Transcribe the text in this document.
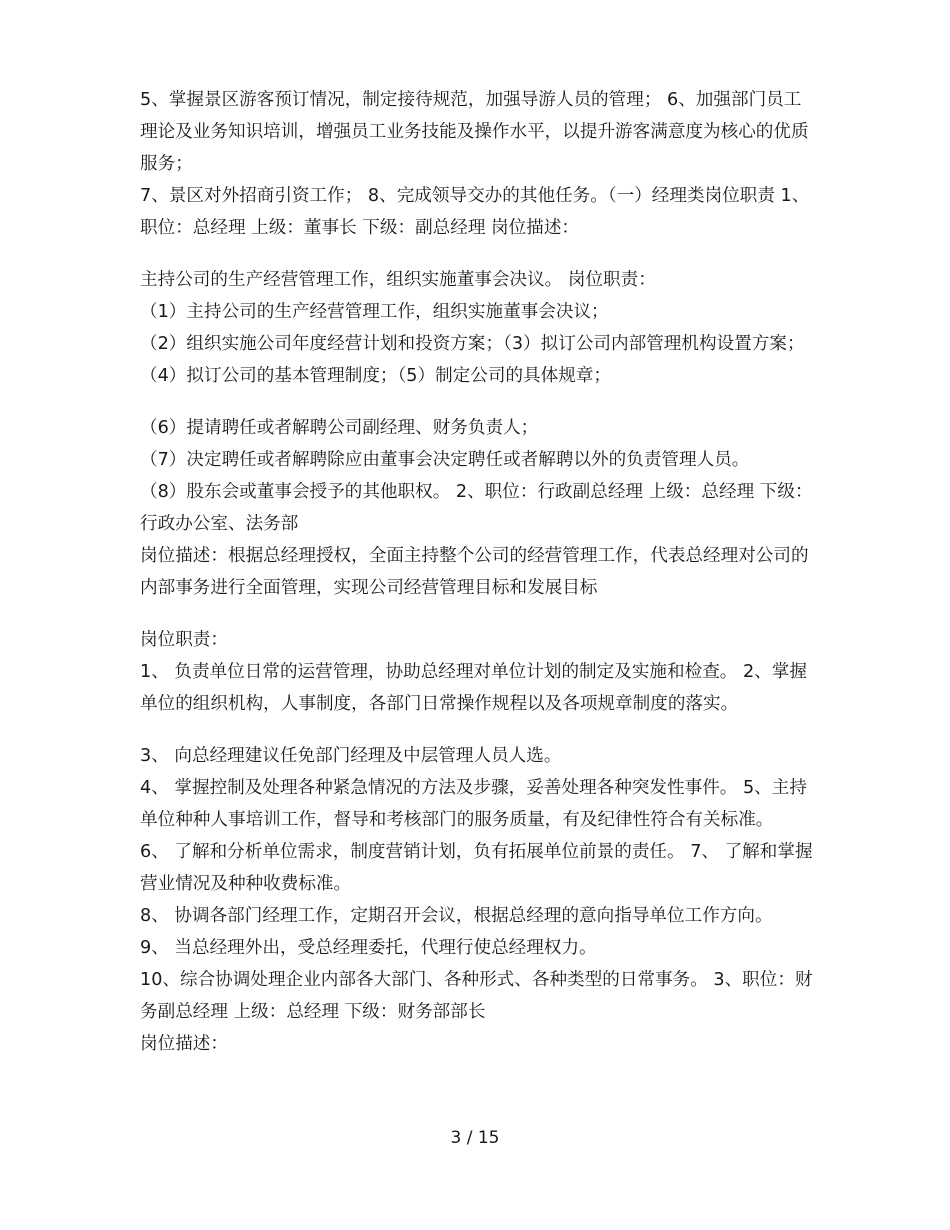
5、掌握景区游客预订情况，制定接待规范，加强导游人员的管理； 6、加强部门员工理论及业务知识培训，增强员工业务技能及操作水平，以提升游客满意度为核心的优质服务；

7、景区对外招商引资工作； 8、完成领导交办的其他任务。（一）经理类岗位职责 1、职位：总经理 上级：董事长 下级：副总经理 岗位描述：

主持公司的生产经营管理工作，组织实施董事会决议。 岗位职责：

（1）主持公司的生产经营管理工作，组织实施董事会决议；

（2）组织实施公司年度经营计划和投资方案；（3）拟订公司内部管理机构设置方案；（4）拟订公司的基本管理制度；（5）制定公司的具体规章；

（6）提请聘任或者解聘公司副经理、财务负责人；

（7）决定聘任或者解聘除应由董事会决定聘任或者解聘以外的负责管理人员。

（8）股东会或董事会授予的其他职权。 2、职位：行政副总经理 上级：总经理 下级：行政办公室、法务部

岗位描述：根据总经理授权，全面主持整个公司的经营管理工作，代表总经理对公司的内部事务进行全面管理，实现公司经营管理目标和发展目标

岗位职责：

1、 负责单位日常的运营管理，协助总经理对单位计划的制定及实施和检查。 2、掌握单位的组织机构，人事制度，各部门日常操作规程以及各项规章制度的落实。

3、 向总经理建议任免部门经理及中层管理人员人选。

4、 掌握控制及处理各种紧急情况的方法及步骤，妥善处理各种突发性事件。 5、主持单位种种人事培训工作，督导和考核部门的服务质量，有及纪律性符合有关标准。

6、 了解和分析单位需求，制度营销计划，负有拓展单位前景的责任。 7、 了解和掌握营业情况及种种收费标准。

8、 协调各部门经理工作，定期召开会议，根据总经理的意向指导单位工作方向。

9、 当总经理外出，受总经理委托，代理行使总经理权力。

10、综合协调处理企业内部各大部门、各种形式、各种类型的日常事务。 3、职位：财务副总经理 上级：总经理 下级：财务部部长

岗位描述：

3 / 15
